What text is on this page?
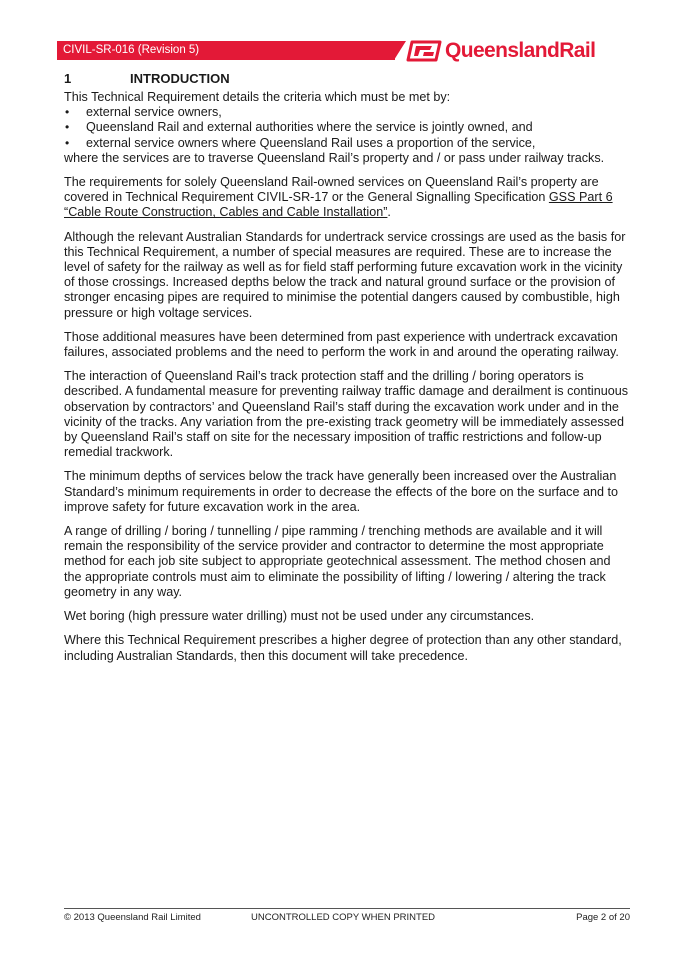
CIVIL-SR-016 (Revision 5)	QueenslandRail
1	INTRODUCTION
This Technical Requirement details the criteria which must be met by:
• external service owners,
• Queensland Rail and external authorities where the service is jointly owned, and
• external service owners where Queensland Rail uses a proportion of the service,

where the services are to traverse Queensland Rail’s property and / or pass under railway tracks.

The requirements for solely Queensland Rail-owned services on Queensland Rail’s property are covered in Technical Requirement CIVIL-SR-17 or the General Signalling Specification GSS Part 6 “Cable Route Construction, Cables and Cable Installation”.

Although the relevant Australian Standards for undertrack service crossings are used as the basis for this Technical Requirement, a number of special measures are required. These are to increase the level of safety for the railway as well as for field staff performing future excavation work in the vicinity of those crossings. Increased depths below the track and natural ground surface or the provision of stronger encasing pipes are required to minimise the potential dangers caused by combustible, high pressure or high voltage services.

Those additional measures have been determined from past experience with undertrack excavation failures, associated problems and the need to perform the work in and around the operating railway.

The interaction of Queensland Rail’s track protection staff and the drilling / boring operators is described. A fundamental measure for preventing railway traffic damage and derailment is continuous observation by contractors’ and Queensland Rail’s staff during the excavation work under and in the vicinity of the tracks. Any variation from the pre-existing track geometry will be immediately assessed by Queensland Rail’s staff on site for the necessary imposition of traffic restrictions and follow-up remedial trackwork.

The minimum depths of services below the track have generally been increased over the Australian Standard’s minimum requirements in order to decrease the effects of the bore on the surface and to improve safety for future excavation work in the area.

A range of drilling / boring / tunnelling / pipe ramming / trenching methods are available and it will remain the responsibility of the service provider and contractor to determine the most appropriate method for each job site subject to appropriate geotechnical assessment. The method chosen and the appropriate controls must aim to eliminate the possibility of lifting / lowering / altering the track geometry in any way.

Wet boring (high pressure water drilling) must not be used under any circumstances.

Where this Technical Requirement prescribes a higher degree of protection than any other standard, including Australian Standards, then this document will take precedence.

© 2013 Queensland Rail Limited	UNCONTROLLED COPY WHEN PRINTED	Page 2 of 20
